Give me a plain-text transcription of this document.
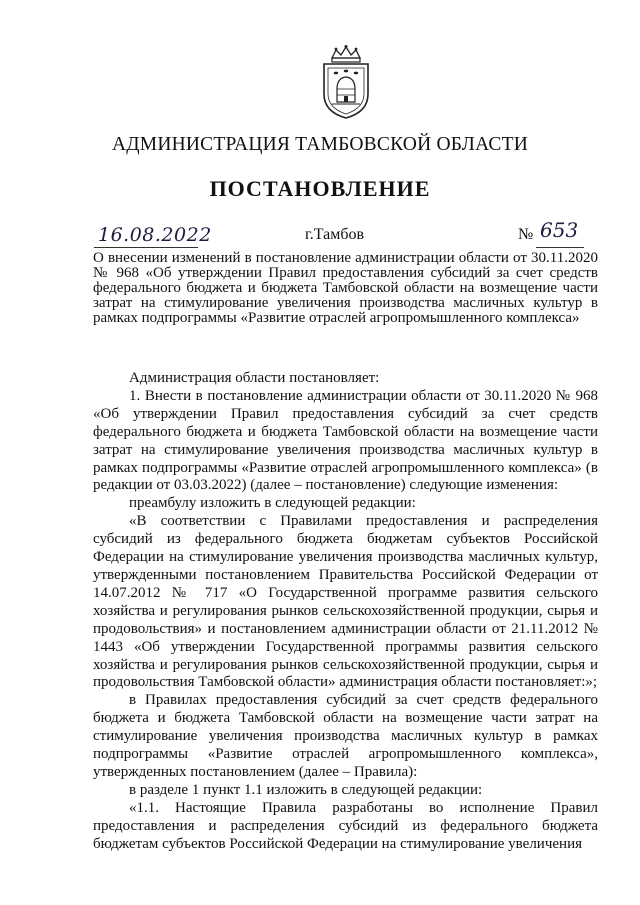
АДМИНИСТРАЦИЯ ТАМБОВСКОЙ ОБЛАСТИ
ПОСТАНОВЛЕНИЕ
16.08.2022	г.Тамбов	№ 653
О внесении изменений в постановление администрации области от 30.11.2020 № 968 «Об утверждении Правил предоставления субсидий за счет средств федерального бюджета и бюджета Тамбовской области на возмещение части затрат на стимулирование увеличения производства масличных культур в рамках подпрограммы «Развитие отраслей агропромышленного комплекса»

Администрация области постановляет:

1. Внести в постановление администрации области от 30.11.2020 № 968 «Об утверждении Правил предоставления субсидий за счет средств федерального бюджета и бюджета Тамбовской области на возмещение части затрат на стимулирование увеличения производства масличных культур в рамках подпрограммы «Развитие отраслей агропромышленного комплекса» (в редакции от 03.03.2022) (далее – постановление) следующие изменения:

преамбулу изложить в следующей редакции:

«В соответствии с Правилами предоставления и распределения субсидий из федерального бюджета бюджетам субъектов Российской Федерации на стимулирование увеличения производства масличных культур, утвержденными постановлением Правительства Российской Федерации от 14.07.2012 № 717 «О Государственной программе развития сельского хозяйства и регулирования рынков сельскохозяйственной продукции, сырья и продовольствия» и постановлением администрации области от 21.11.2012 № 1443 «Об утверждении Государственной программы развития сельского хозяйства и регулирования рынков сельскохозяйственной продукции, сырья и продовольствия Тамбовской области» администрация области постановляет:»;

в Правилах предоставления субсидий за счет средств федерального бюджета и бюджета Тамбовской области на возмещение части затрат на стимулирование увеличения производства масличных культур в рамках подпрограммы «Развитие отраслей агропромышленного комплекса», утвержденных постановлением (далее – Правила):

в разделе 1 пункт 1.1 изложить в следующей редакции:

«1.1. Настоящие Правила разработаны во исполнение Правил предоставления и распределения субсидий из федерального бюджета бюджетам субъектов Российской Федерации на стимулирование увеличения
